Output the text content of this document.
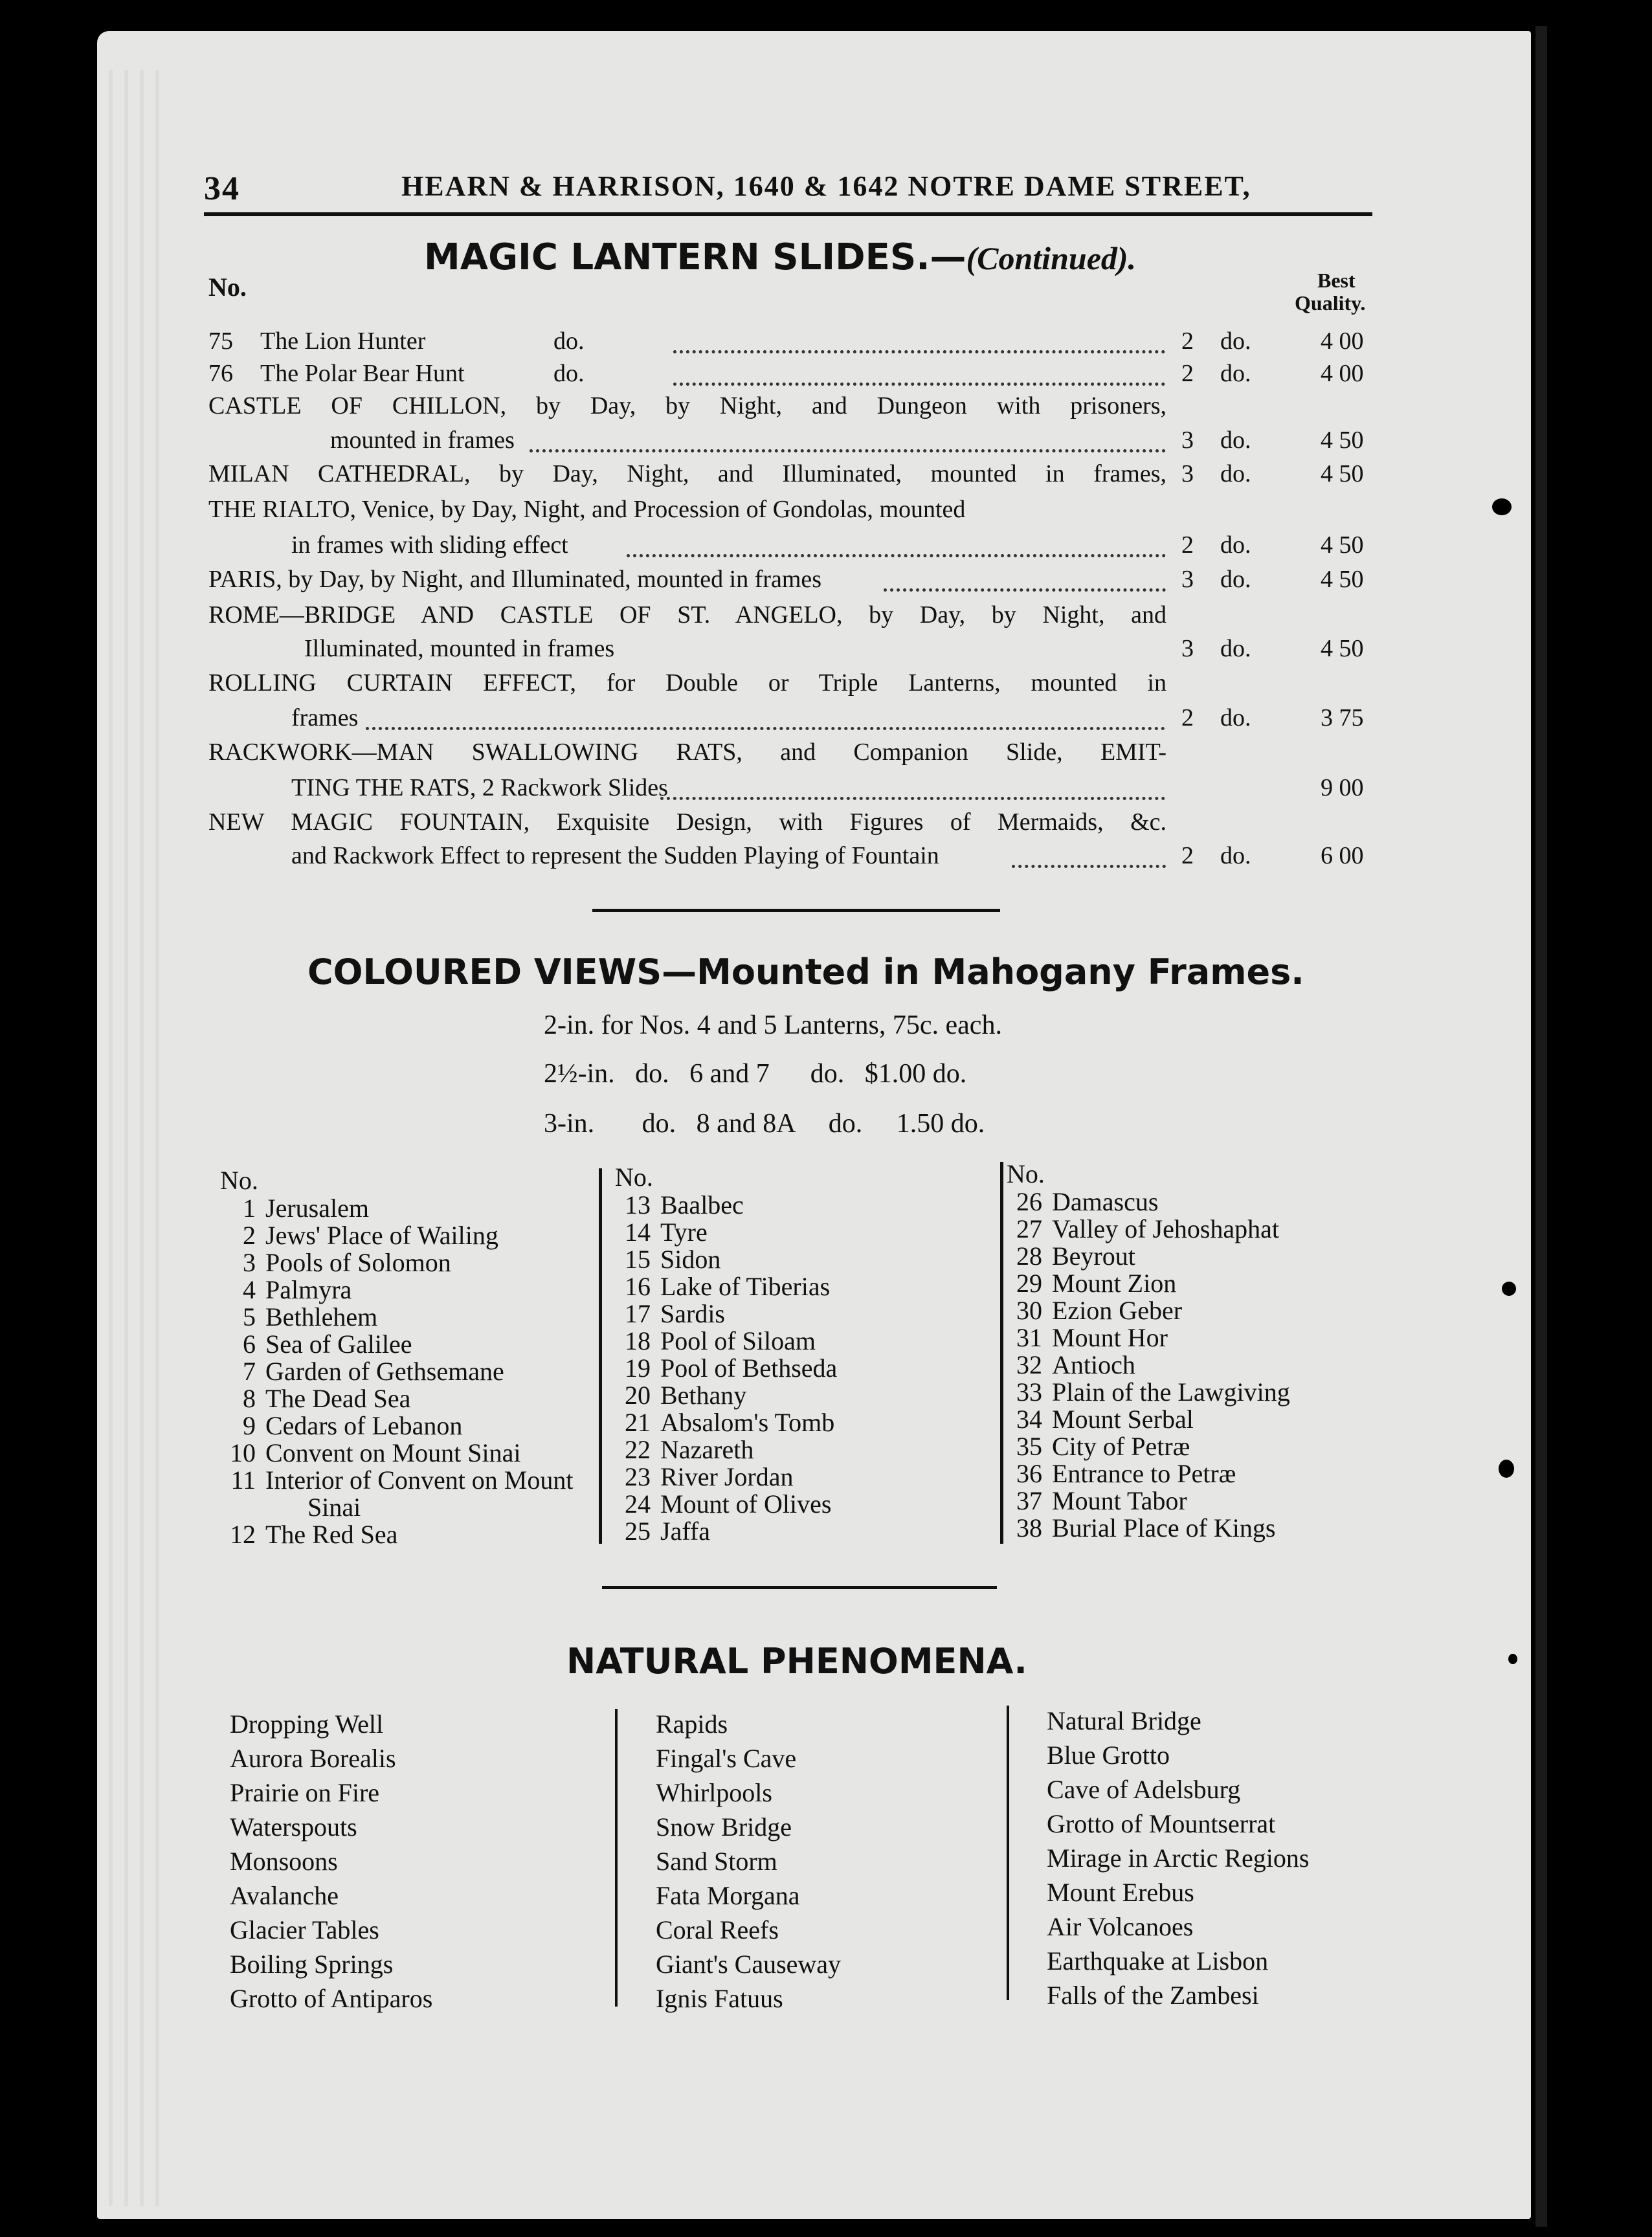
34	HEARN & HARRISON, 1640 & 1642 NOTRE DAME STREET,
MAGIC LANTERN SLIDES.—(Continued).
No.	Best
Quality.
75 The Lion Hunter	do.	2 do.	4 00
76 The Polar Bear Hunt	do.	2 do.	4 00
CASTLE OF CHILLON, by Day, by Night, and Dungeon with prisoners,
mounted in frames	3 do.	4 50
MILAN CATHEDRAL, by Day, Night, and Illuminated, mounted in frames, 3 do.	4 50
THE RIALTO, Venice, by Day, Night, and Procession of Gondolas, mounted
in frames with sliding effect	2 do.	4 50
PARIS, by Day, by Night, and Illuminated, mounted in frames	3 do.	4 50
ROME—BRIDGE AND CASTLE OF ST. ANGELO, by Day, by Night, and
Illuminated, mounted in frames	3 do.	4 50
ROLLING CURTAIN EFFECT, for Double or Triple Lanterns, mounted in
frames	2 do.	3 75
RACKWORK—MAN SWALLOWING RATS, and Companion Slide, EMIT-
TING THE RATS, 2 Rackwork Slides	9 00
NEW MAGIC FOUNTAIN, Exquisite Design, with Figures of Mermaids, &c.
and Rackwork Effect to represent the Sudden Playing of Fountain	2 do.	6 00
COLOURED VIEWS—Mounted in Mahogany Frames.
2-in. for Nos. 4 and 5 Lanterns, 75c. each.
2½-in.   do.   6 and 7      do.   $1.00 do.
3-in.       do.   8 and 8A     do.     1.50 do.
No.	No.	No.
1 Jerusalem
2 Jews' Place of Wailing
3 Pools of Solomon
4 Palmyra
5 Bethlehem
6 Sea of Galilee
7 Garden of Gethsemane
8 The Dead Sea
9 Cedars of Lebanon
10 Convent on Mount Sinai
11 Interior of Convent on Mount
Sinai
12 The Red Sea
13 Baalbec
14 Tyre
15 Sidon
16 Lake of Tiberias
17 Sardis
18 Pool of Siloam
19 Pool of Bethseda
20 Bethany
21 Absalom's Tomb
22 Nazareth
23 River Jordan
24 Mount of Olives
25 Jaffa
26 Damascus
27 Valley of Jehoshaphat
28 Beyrout
29 Mount Zion
30 Ezion Geber
31 Mount Hor
32 Antioch
33 Plain of the Lawgiving
34 Mount Serbal
35 City of Petræ
36 Entrance to Petræ
37 Mount Tabor
38 Burial Place of Kings
NATURAL PHENOMENA.
Dropping Well
Aurora Borealis
Prairie on Fire
Waterspouts
Monsoons
Avalanche
Glacier Tables
Boiling Springs
Grotto of Antiparos
Rapids
Fingal's Cave
Whirlpools
Snow Bridge
Sand Storm
Fata Morgana
Coral Reefs
Giant's Causeway
Ignis Fatuus
Natural Bridge
Blue Grotto
Cave of Adelsburg
Grotto of Mountserrat
Mirage in Arctic Regions
Mount Erebus
Air Volcanoes
Earthquake at Lisbon
Falls of the Zambesi
